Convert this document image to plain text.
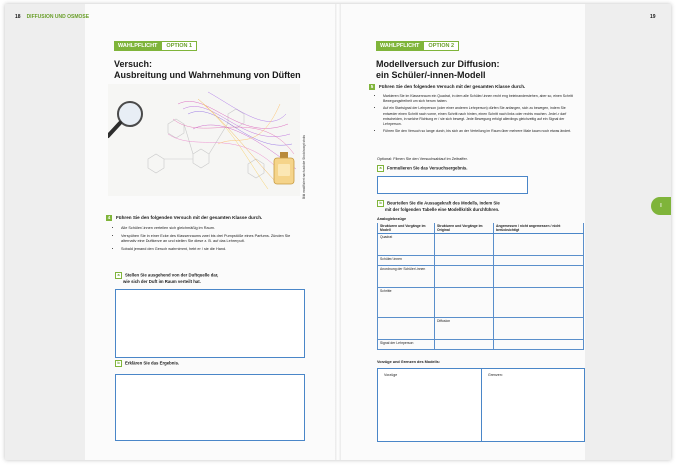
18 DIFFUSION UND OSMOSE	19
WAHLPFLICHT	OPTION 1
Versuch:
Ausbreitung und Wahrnehmung von Düften
Bild modifiziert nach adobe Stock/sonyt stoks
4 Führen Sie den folgenden Versuch mit der gesamten Klasse durch.
• Alle Schüler/-innen verteilen sich gleichmäßig im Raum.
• Verspühen Sie in einer Ecke des Klassenraums zwei bis drei Pumpstöße eines Parfums. Zünden Sie alternativ eine Duftkerze an und stellen Sie diese z. B. auf das Lehrerpult.
• Sobald jemand den Geruch wahrnimmt, hebt er / sie die Hand.
a Stellen Sie ausgehend von der Duftquelle dar,
wie sich der Duft im Raum verteilt hat.
b Erklären Sie das Ergebnis.
WAHLPFLICHT	OPTION 2
Modellversuch zur Diffusion:
ein Schüler/-innen-Modell
5 Führen Sie den folgenden Versuch mit der gesamten Klasse durch.
• Markieren Sie im Klassenraum ein Quadrat, in dem alle Schüler/-innen recht eng beieinanderstehen, aber so, einen Schritt Bewegungsfreiheit um sich herum haben.
• Auf ein Startsignal der Lehrperson (oder einer anderen Lehrperson) dürfen Sie anfangen, sich zu bewegen, indem Sie entweder einen Schritt nach vorne, einen Schritt nach hinten, einen Schritt nach links oder rechts machen. Jede/-r darf entscheiden, in welche Richtung er / sie sich bewegt. Jede Bewegung erfolgt allerdings gleichzeitig auf ein Signal der Lehrperson.
• Führen Sie den Versuch so lange durch, bis sich an der Verteilung im Raum über mehrere Male kaum noch etwas ändert.
Optional: Filmen Sie den Versuchsablauf im Zeitraffer.
a Formulieren Sie das Versuchsergebnis.
b Beurteilen Sie die Aussagekraft des Modells, indem Sie
mit der folgenden Tabelle eine Modellkritik durchführen.
Analogiebezüge
Strukturen und Vorgänge im Modell	Strukturen und Vorgänge im Original	Angemessen / nicht angemessen / nicht berücksichtigt
Quadrat		
Schüler/-innen		
Anordnung der Schüler/-innen		
Schritte		
	Diffusion	
Signal der Lehrperson		
Vorzüge und Grenzen des Modells:
Vorzüge	Grenzen:
I
